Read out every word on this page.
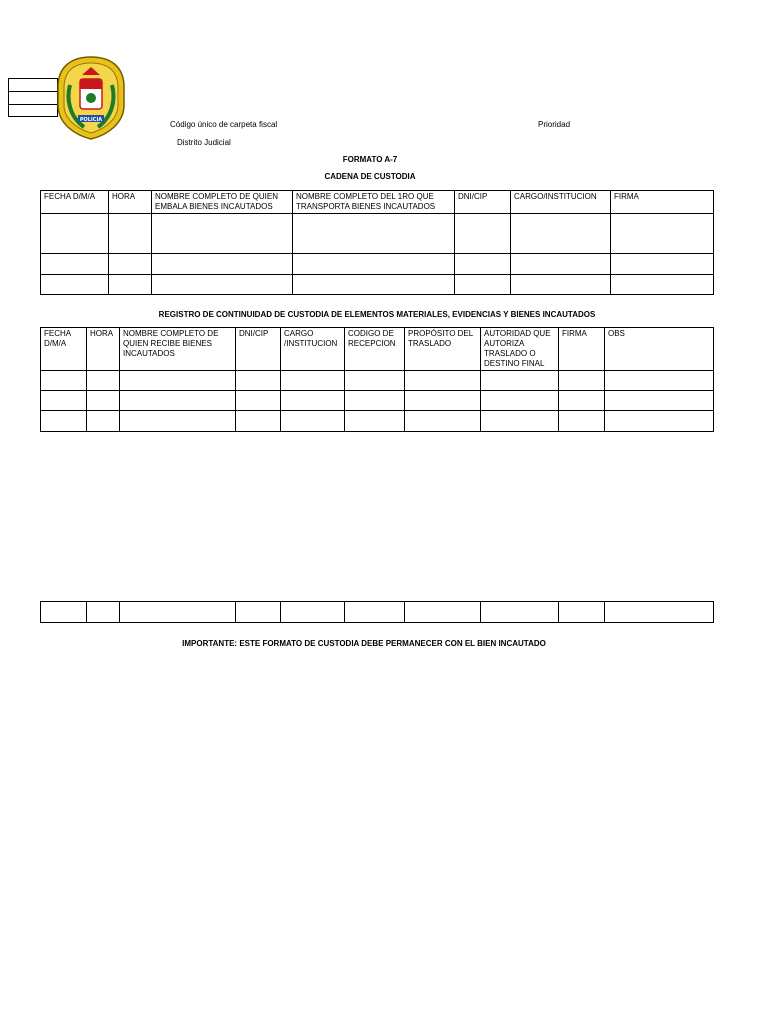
POLICIA	Código único de carpeta fiscal
Distrito Judicial
Prioridad
FORMATO A-7
CADENA DE CUSTODIA
FECHA D/M/A	HORA	NOMBRE COMPLETO DE QUIEN EMBALA BIENES INCAUTADOS	NOMBRE COMPLETO DEL 1RO QUE TRANSPORTA BIENES INCAUTADOS	DNI/CIP	CARGO/INSTITUCION	FIRMA

REGISTRO DE CONTINUIDAD DE CUSTODIA DE ELEMENTOS MATERIALES, EVIDENCIAS Y BIENES INCAUTADOS
FECHA D/M/A	HORA	NOMBRE COMPLETO DE QUIEN RECIBE BIENES INCAUTADOS	DNI/CIP	CARGO /INSTITUCION	CODIGO DE RECEPCION	PROPÓSITO DEL TRASLADO	AUTORIDAD QUE AUTORIZA TRASLADO O DESTINO FINAL	FIRMA	OBS

IMPORTANTE: ESTE FORMATO DE CUSTODIA DEBE PERMANECER CON EL BIEN INCAUTADO
